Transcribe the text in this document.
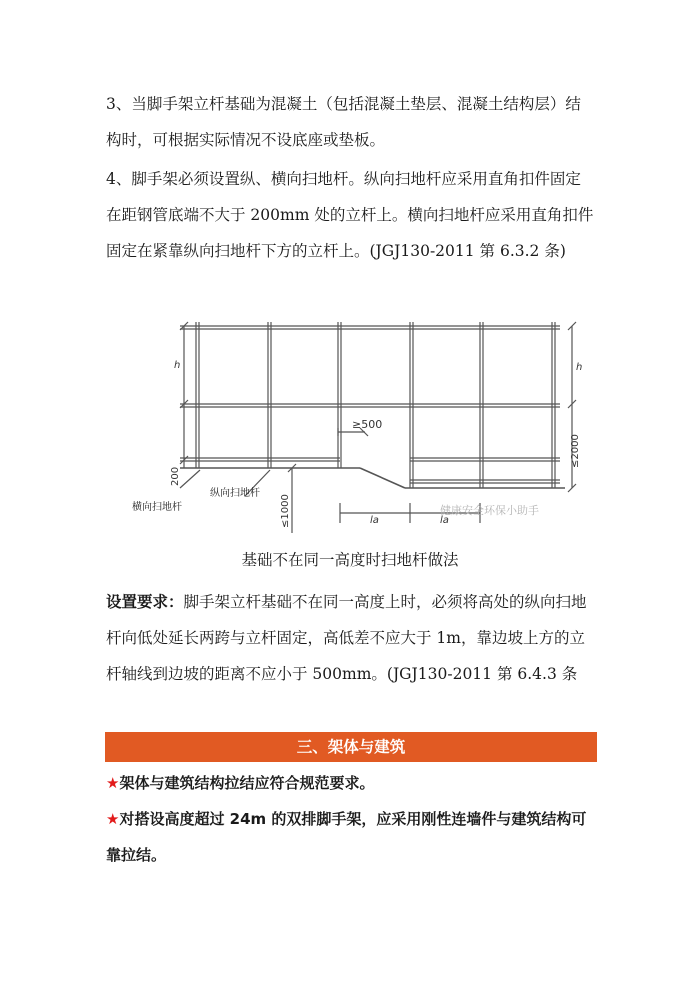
3、当脚手架立杆基础为混凝土（包括混凝土垫层、混凝土结构层）结构时，可根据实际情况不设底座或垫板。

4、脚手架必须设置纵、横向扫地杆。纵向扫地杆应采用直角扣件固定在距钢管底端不大于 200mm 处的立杆上。横向扫地杆应采用直角扣件固定在紧靠纵向扫地杆下方的立杆上。(JGJ130-2011 第 6.3.2 条)

h	h
≥500
≤2000
200
≤1000	la	la
横向扫地杆
纵向扫地杆
健康安全环保小助手

基础不在同一高度时扫地杆做法

设置要求：脚手架立杆基础不在同一高度上时，必须将高处的纵向扫地杆向低处延长两跨与立杆固定，高低差不应大于 1m，靠边坡上方的立杆轴线到边坡的距离不应小于 500mm。(JGJ130-2011 第 6.4.3 条

三、架体与建筑

★架体与建筑结构拉结应符合规范要求。

★对搭设高度超过 24m 的双排脚手架，应采用刚性连墙件与建筑结构可靠拉结。
